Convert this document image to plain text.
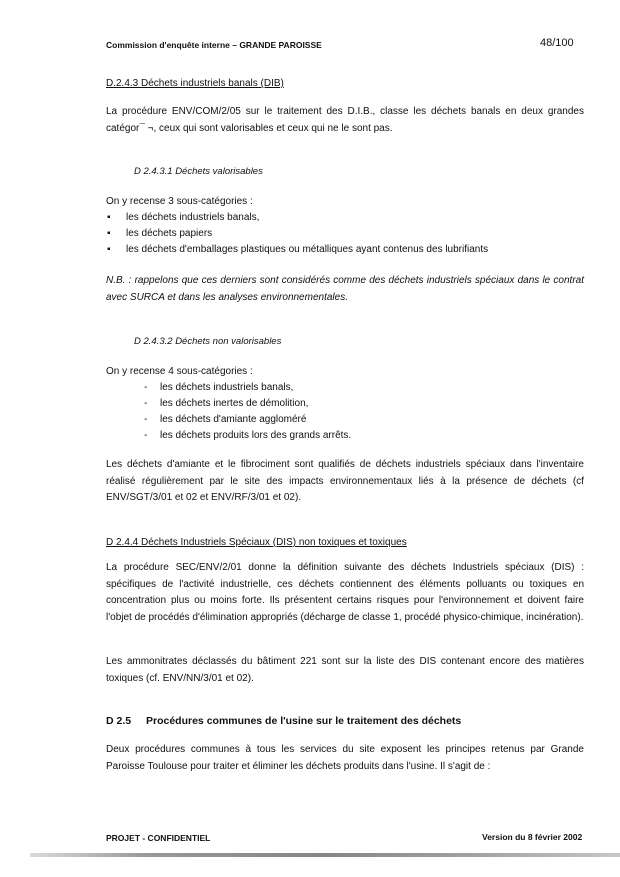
Commission d'enquête interne – GRANDE PAROISSE	48/100
D.2.4.3 Déchets industriels banals (DIB)
La procédure ENV/COM/2/05 sur le traitement des D.I.B., classe les déchets banals en deux grandes catégor¯ ¬, ceux qui sont valorisables et ceux qui ne le sont pas.
D 2.4.3.1 Déchets valorisables
On y recense 3 sous-catégories :
▪ les déchets industriels banals,
▪ les déchets papiers
▪ les déchets d'emballages plastiques ou métalliques ayant contenus des lubrifiants
N.B. : rappelons que ces derniers sont considérés comme des déchets industriels spéciaux dans le contrat avec SURCA et dans les analyses environnementales.
D 2.4.3.2 Déchets non valorisables
On y recense 4 sous-catégories :
- les déchets industriels banals,
- les déchets inertes de démolition,
- les déchets d'amiante aggloméré
- les déchets produits lors des grands arrêts.
Les déchets d'amiante et le fibrociment sont qualifiés de déchets industriels spéciaux dans l'inventaire réalisé régulièrement par le site des impacts environnementaux liés à la présence de déchets (cf ENV/SGT/3/01 et 02 et ENV/RF/3/01 et 02).
D 2.4.4 Déchets Industriels Spéciaux (DIS) non toxiques et toxiques
La procédure SEC/ENV/2/01 donne la définition suivante des déchets Industriels spéciaux (DIS) : spécifiques de l'activité industrielle, ces déchets contiennent des éléments polluants ou toxiques en concentration plus ou moins forte. Ils présentent certains risques pour l'environnement et doivent faire l'objet de procédés d'élimination appropriés (décharge de classe 1, procédé physico-chimique, incinération).
Les ammonitrates déclassés du bâtiment 221 sont sur la liste des DIS contenant encore des matières toxiques (cf. ENV/NN/3/01 et 02).
D 2.5 Procédures communes de l'usine sur le traitement des déchets
Deux procédures communes à tous les services du site exposent les principes retenus par Grande Paroisse Toulouse pour traiter et éliminer les déchets produits dans l'usine. Il s'agit de :
PROJET - CONFIDENTIEL	Version du 8 février 2002
